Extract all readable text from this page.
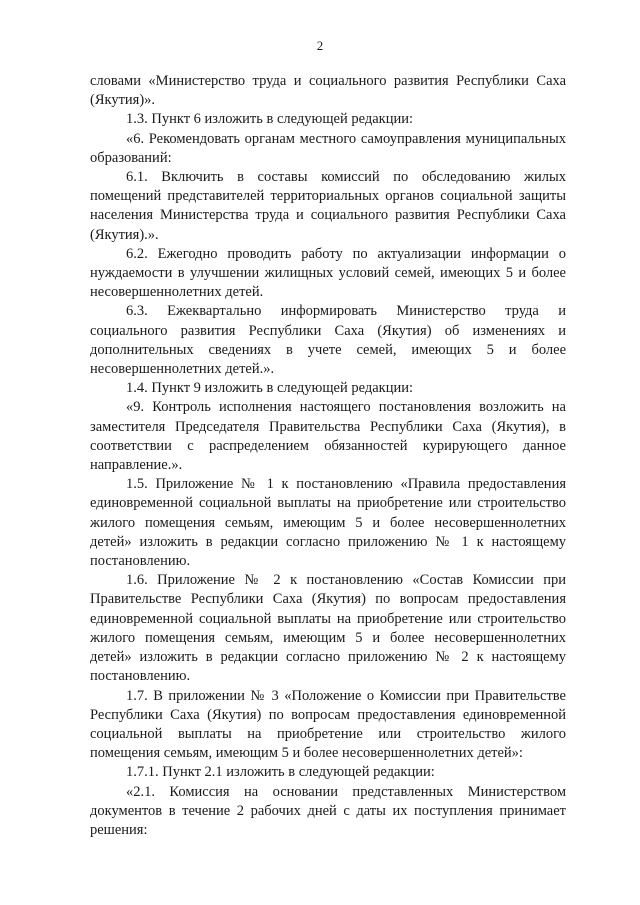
2

словами «Министерство труда и социального развития Республики Саха (Якутия)».

1.3. Пункт 6 изложить в следующей редакции:

«6. Рекомендовать органам местного самоуправления муниципальных образований:

6.1. Включить в составы комиссий по обследованию жилых помещений представителей территориальных органов социальной защиты населения Министерства труда и социального развития Республики Саха (Якутия).».

6.2. Ежегодно проводить работу по актуализации информации о нуждаемости в улучшении жилищных условий семей, имеющих 5 и более несовершеннолетних детей.

6.3. Ежеквартально информировать Министерство труда и социального развития Республики Саха (Якутия) об изменениях и дополнительных сведениях в учете семей, имеющих 5 и более несовершеннолетних детей.».

1.4. Пункт 9 изложить в следующей редакции:

«9. Контроль исполнения настоящего постановления возложить на заместителя Председателя Правительства Республики Саха (Якутия), в соответствии с распределением обязанностей курирующего данное направление.».

1.5. Приложение № 1 к постановлению «Правила предоставления единовременной социальной выплаты на приобретение или строительство жилого помещения семьям, имеющим 5 и более несовершеннолетних детей» изложить в редакции согласно приложению № 1 к настоящему постановлению.

1.6. Приложение № 2 к постановлению «Состав Комиссии при Правительстве Республики Саха (Якутия) по вопросам предоставления единовременной социальной выплаты на приобретение или строительство жилого помещения семьям, имеющим 5 и более несовершеннолетних детей» изложить в редакции согласно приложению № 2 к настоящему постановлению.

1.7. В приложении № 3 «Положение о Комиссии при Правительстве Республики Саха (Якутия) по вопросам предоставления единовременной социальной выплаты на приобретение или строительство жилого помещения семьям, имеющим 5 и более несовершеннолетних детей»:

1.7.1. Пункт 2.1 изложить в следующей редакции:

«2.1. Комиссия на основании представленных Министерством документов в течение 2 рабочих дней с даты их поступления принимает решения:
